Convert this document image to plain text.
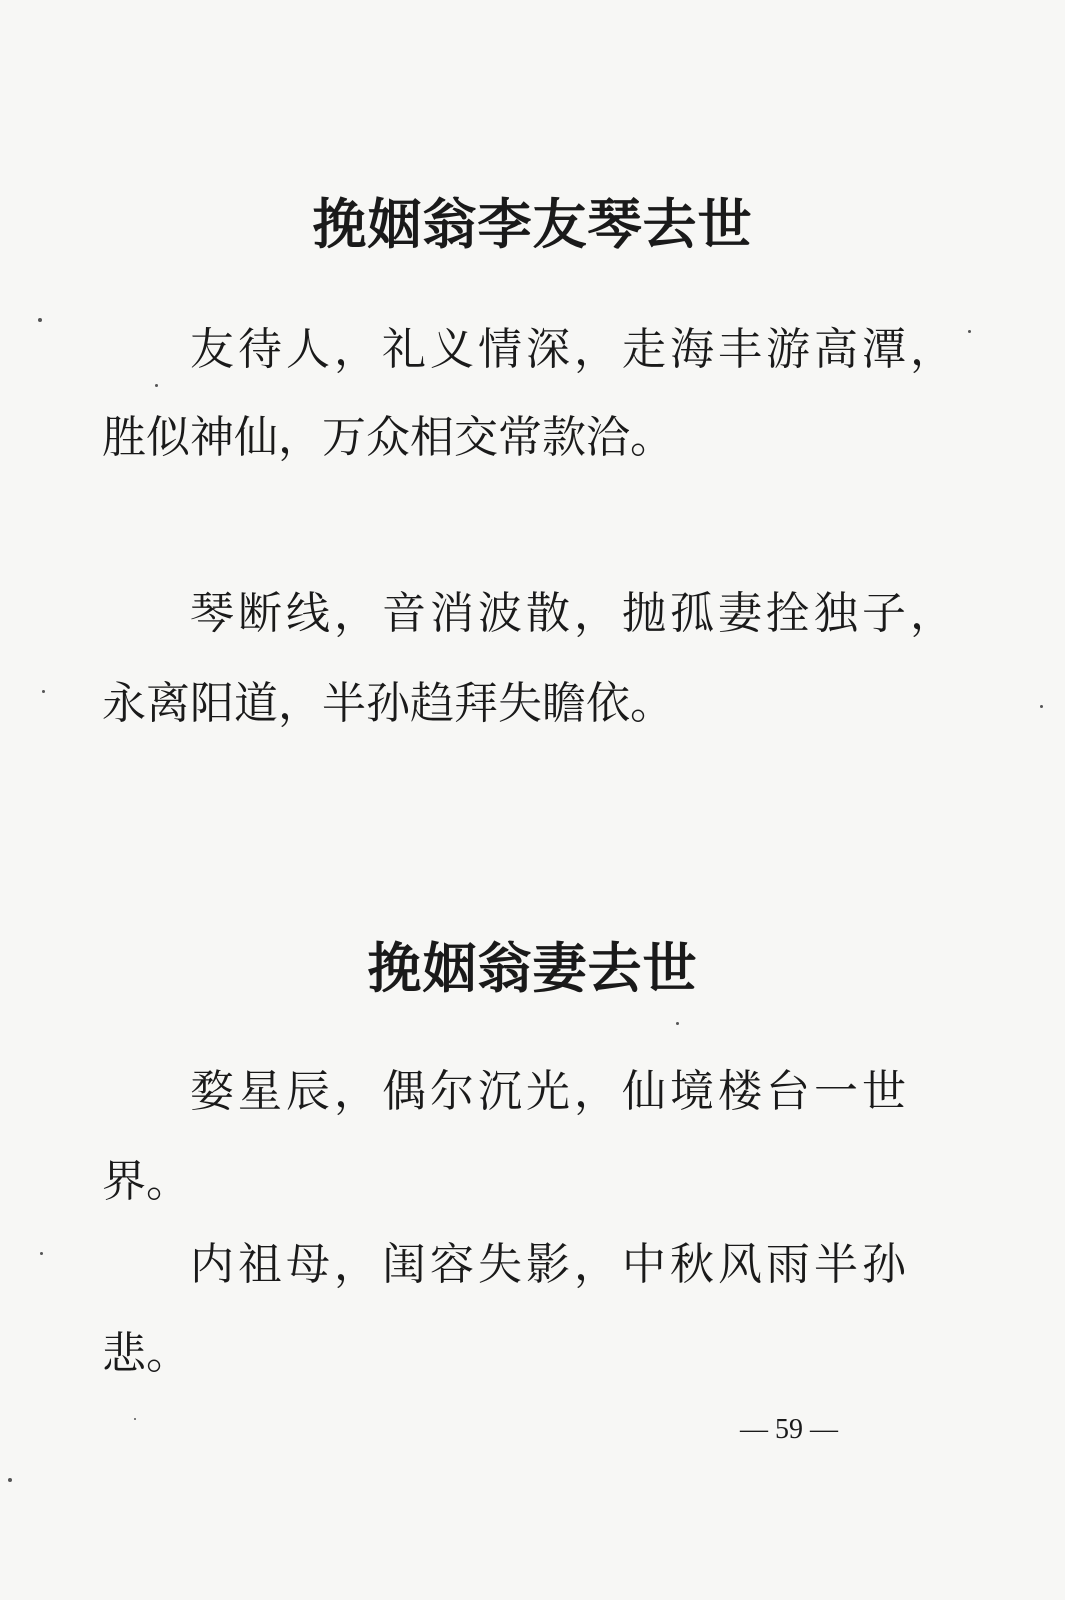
挽姻翁李友琴去世
友待人，礼义情深，走海丰游高潭，
胜似神仙，万众相交常款洽。
琴断线，音消波散，抛孤妻拴独子，
永离阳道，半孙趋拜失瞻依。
挽姻翁妻去世
婺星辰，偶尔沉光，仙境楼台一世
界。
内祖母，闺容失影，中秋风雨半孙
悲。
— 59 —
